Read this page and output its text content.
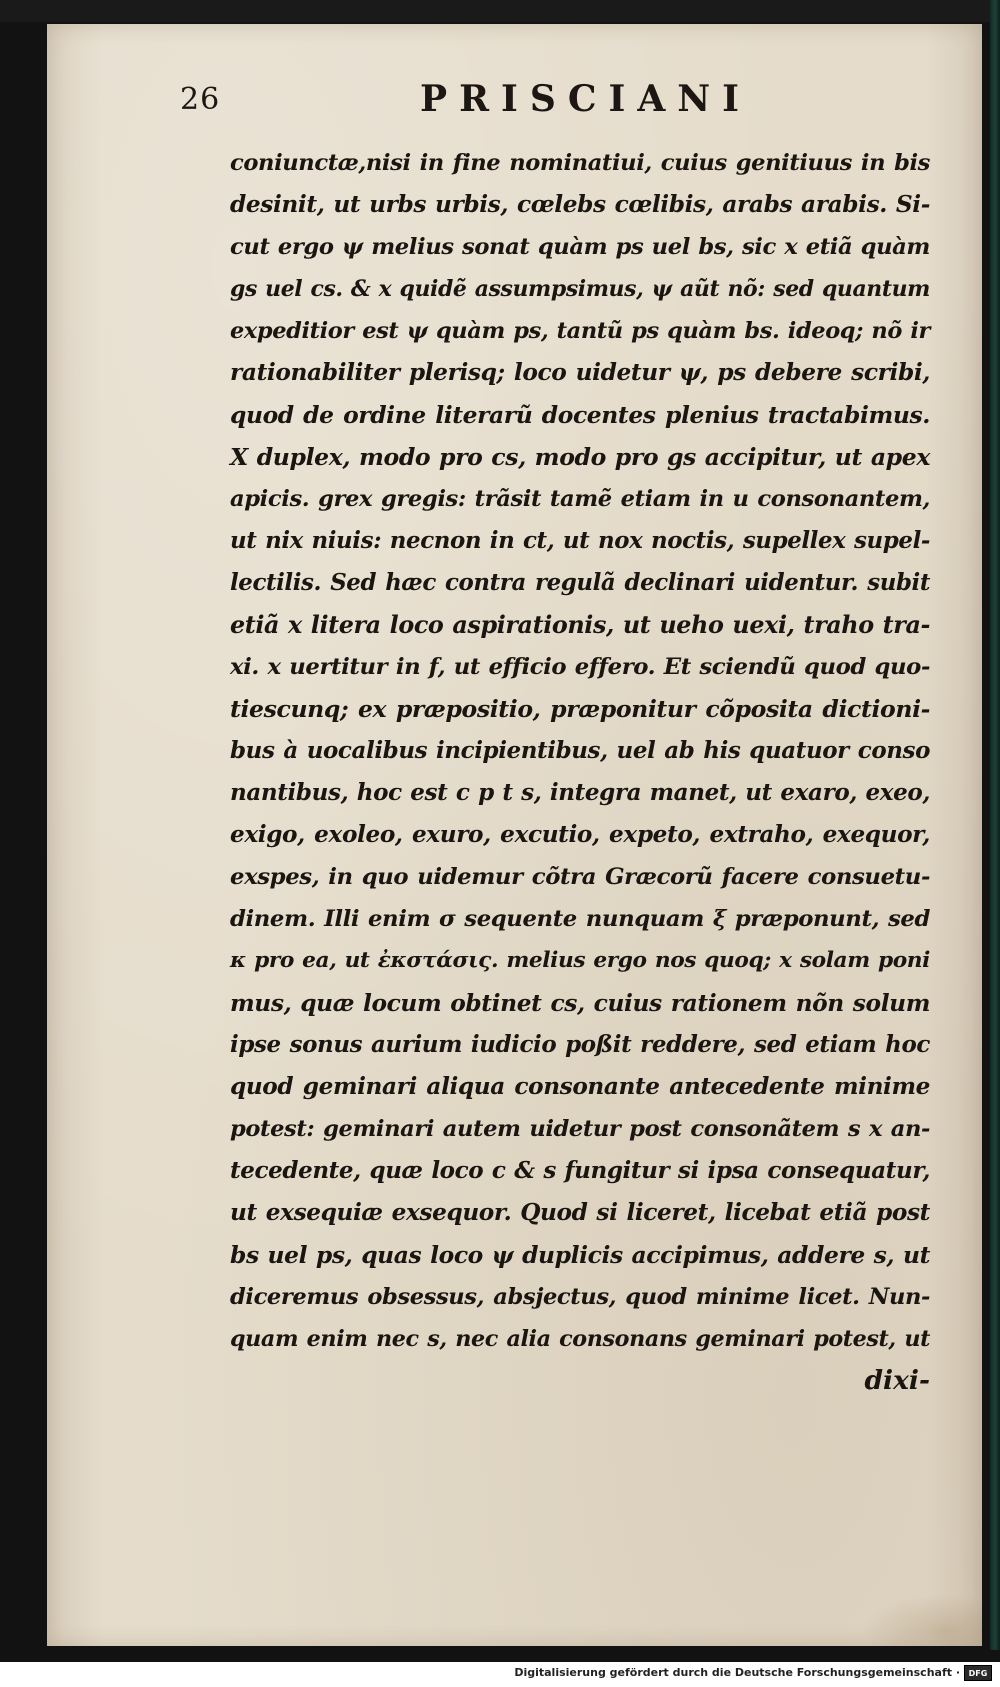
26	PRISCIANI
coniunctæ,nisi in fine nominatiui, cuius genitiuus in bis
desinit, ut urbs urbis, cœlebs cœlibis, arabs arabis. Si-
cut ergo ψ melius sonat quàm ps uel bs, sic x etiã quàm
gs uel cs. & x quidẽ assumpsimus, ψ aũt nõ: sed quantum
expeditior est ψ quàm ps, tantũ ps quàm bs. ideoq; nõ ir
rationabiliter plerisq; loco uidetur ψ, ps debere scribi,
quod de ordine literarũ docentes plenius tractabimus.
X duplex, modo pro cs, modo pro gs accipitur, ut apex
apicis. grex gregis: trãsit tamẽ etiam in u consonantem,
ut nix niuis: necnon in ct, ut nox noctis, supellex supel-
lectilis. Sed hæc contra regulã declinari uidentur. subit
etiã x litera loco aspirationis, ut ueho uexi, traho tra-
xi. x uertitur in f, ut efficio effero. Et sciendũ quod quo-
tiescunq; ex præpositio, præponitur cõposita dictioni-
bus à uocalibus incipientibus, uel ab his quatuor conso
nantibus, hoc est c p t s, integra manet, ut exaro, exeo,
exigo, exoleo, exuro, excutio, expeto, extraho, exequor,
exspes, in quo uidemur cõtra Græcorũ facere consuetu-
dinem. Illi enim σ sequente nunquam ξ præponunt, sed
κ pro ea, ut ἐκστάσις. melius ergo nos quoq; x solam poni
mus, quæ locum obtinet cs, cuius rationem nõn solum
ipse sonus aurium iudicio poßit reddere, sed etiam hoc
quod geminari aliqua consonante antecedente minime
potest: geminari autem uidetur post consonãtem s x an-
tecedente, quæ loco c & s fungitur si ipsa consequatur,
ut exsequiæ exsequor. Quod si liceret, licebat etiã post
bs uel ps, quas loco ψ duplicis accipimus, addere s, ut
diceremus obsessus, absjectus, quod minime licet. Nun-
quam enim nec s, nec alia consonans geminari potest, ut
dixi-
Digitalisierung gefördert durch die Deutsche Forschungsgemeinschaft ·	DFG
